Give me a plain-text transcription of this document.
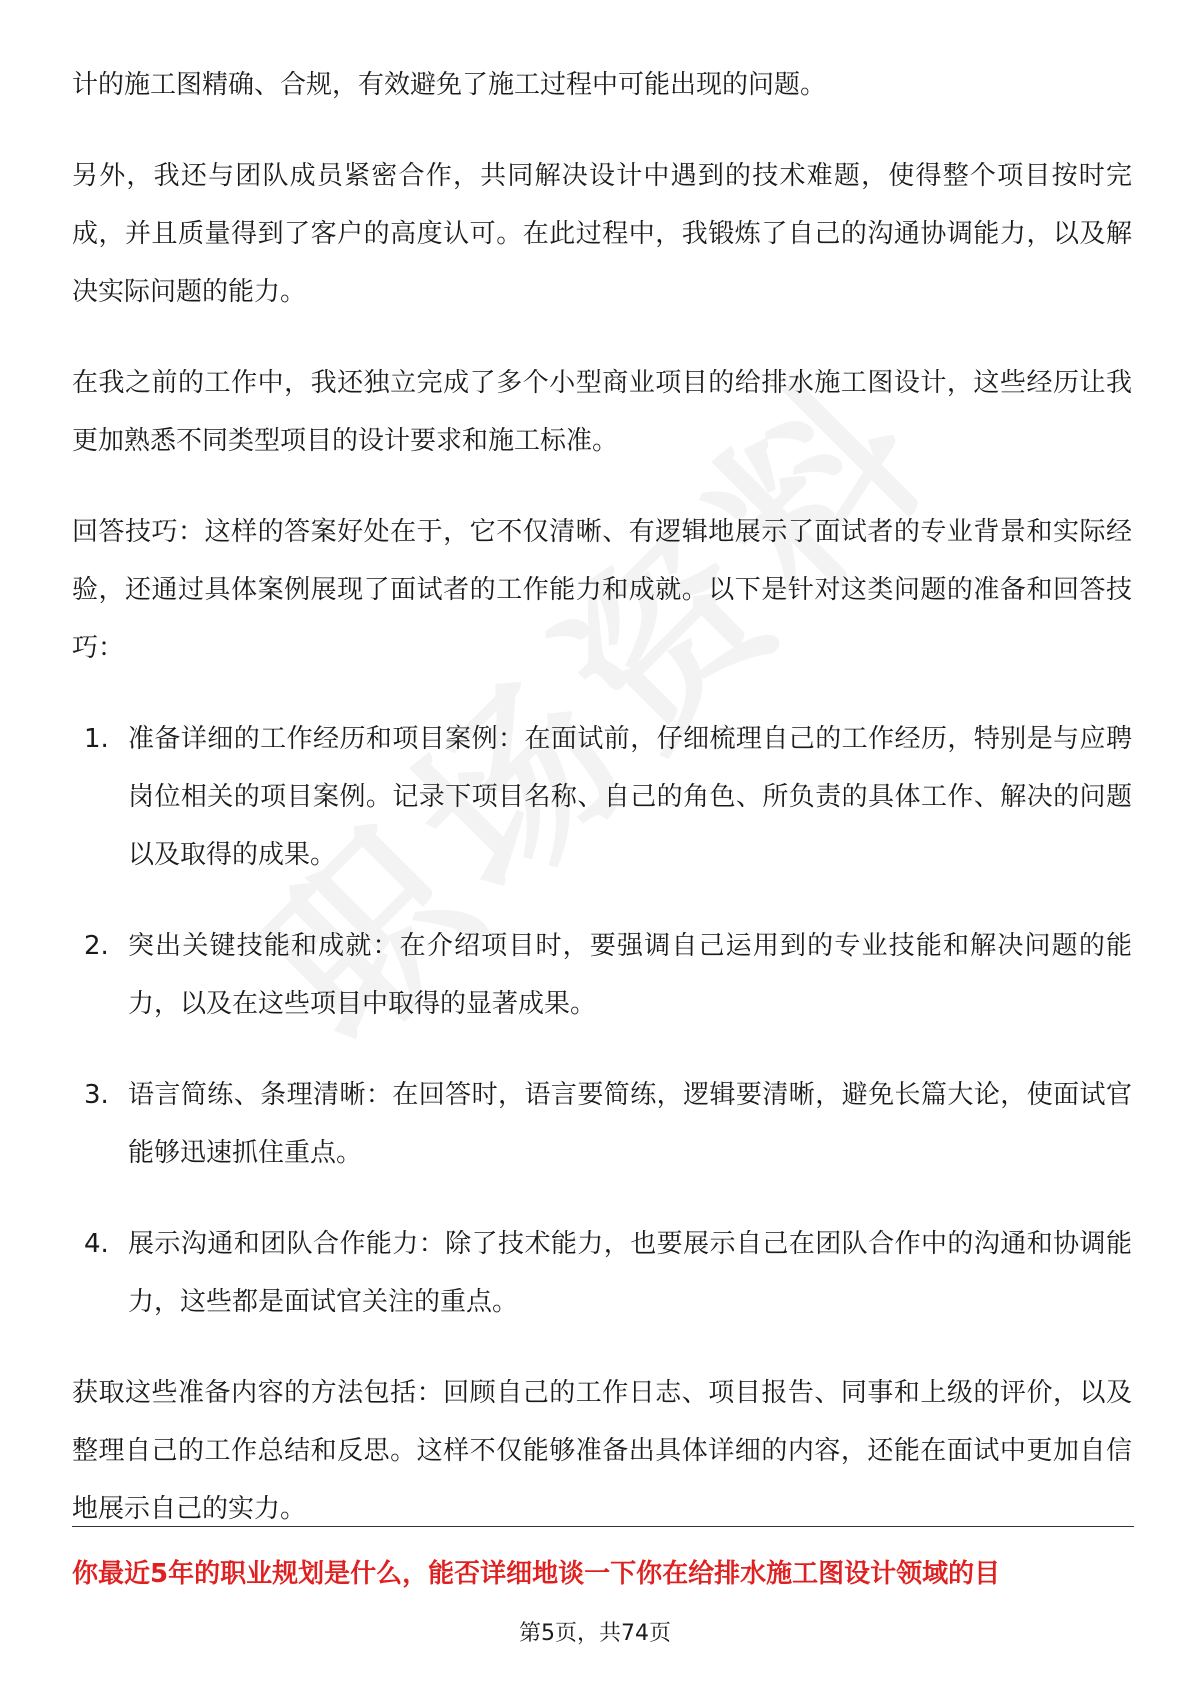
计的施工图精确、合规，有效避免了施工过程中可能出现的问题。

另外，我还与团队成员紧密合作，共同解决设计中遇到的技术难题，使得整个项目按时完成，并且质量得到了客户的高度认可。在此过程中，我锻炼了自己的沟通协调能力，以及解决实际问题的能力。

在我之前的工作中，我还独立完成了多个小型商业项目的给排水施工图设计，这些经历让我更加熟悉不同类型项目的设计要求和施工标准。

回答技巧：这样的答案好处在于，它不仅清晰、有逻辑地展示了面试者的专业背景和实际经验，还通过具体案例展现了面试者的工作能力和成就。以下是针对这类问题的准备和回答技巧：

1. 准备详细的工作经历和项目案例：在面试前，仔细梳理自己的工作经历，特别是与应聘岗位相关的项目案例。记录下项目名称、自己的角色、所负责的具体工作、解决的问题以及取得的成果。
2. 突出关键技能和成就：在介绍项目时，要强调自己运用到的专业技能和解决问题的能力，以及在这些项目中取得的显著成果。
3. 语言简练、条理清晰：在回答时，语言要简练，逻辑要清晰，避免长篇大论，使面试官能够迅速抓住重点。
4. 展示沟通和团队合作能力：除了技术能力，也要展示自己在团队合作中的沟通和协调能力，这些都是面试官关注的重点。

获取这些准备内容的方法包括：回顾自己的工作日志、项目报告、同事和上级的评价，以及整理自己的工作总结和反思。这样不仅能够准备出具体详细的内容，还能在面试中更加自信地展示自己的实力。

你最近5年的职业规划是什么，能否详细地谈一下你在给排水施工图设计领域的目
第5页，共74页
